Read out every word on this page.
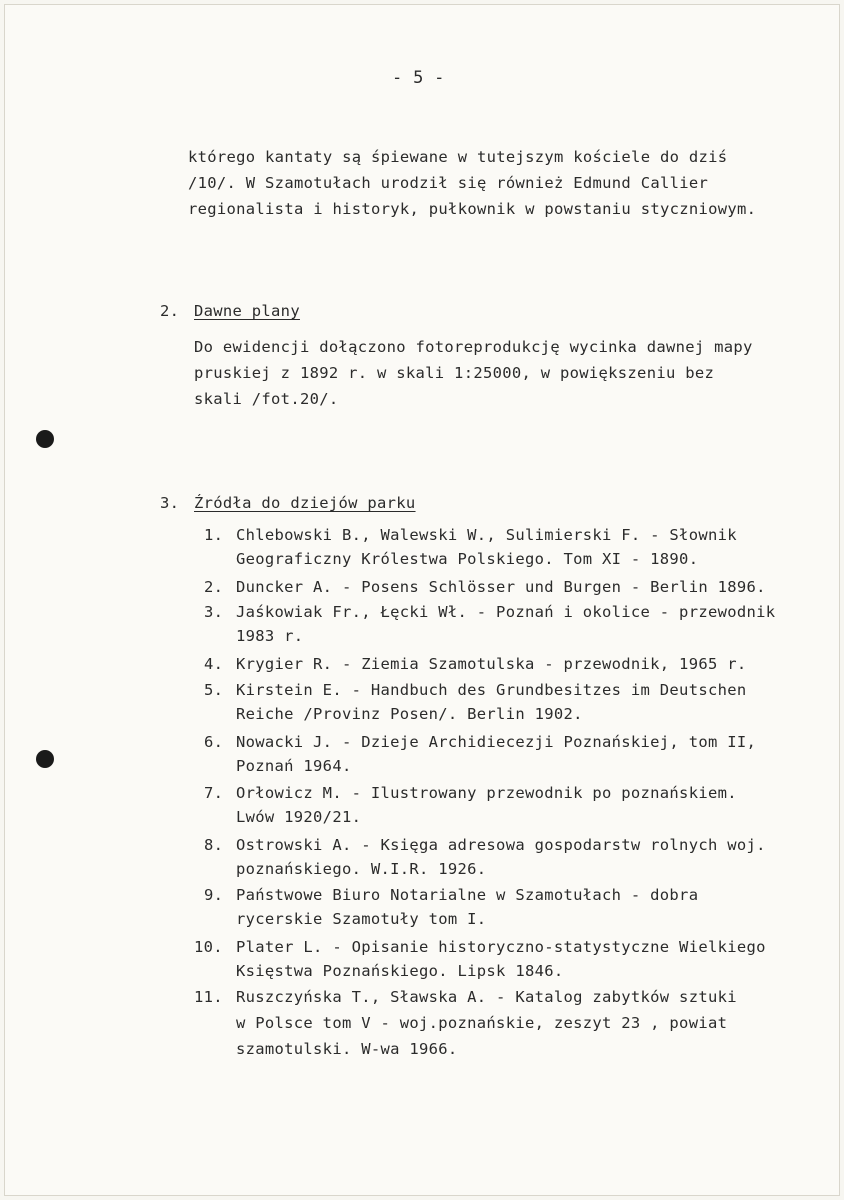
- 5 -
którego kantaty są śpiewane w tutejszym kościele do dziś
/10/. W Szamotułach urodził się również Edmund Callier
regionalista i historyk, pułkownik w powstaniu styczniowym.
2. Dawne plany
Do ewidencji dołączono fotoreprodukcję wycinka dawnej mapy
pruskiej z 1892 r. w skali 1:25000, w powiększeniu bez
skali /fot.20/.
3. Źródła do dziejów parku
1. Chlebowski B., Walewski W., Sulimierski F. - Słownik
Geograficzny Królestwa Polskiego. Tom XI - 1890.
2. Duncker A. - Posens Schlösser und Burgen - Berlin 1896.
3. Jaśkowiak Fr., Łęcki Wł. - Poznań i okolice - przewodnik
1983 r.
4. Krygier R. - Ziemia Szamotulska - przewodnik, 1965 r.
5. Kirstein E. - Handbuch des Grundbesitzes im Deutschen
Reiche /Provinz Posen/. Berlin 1902.
6. Nowacki J. - Dzieje Archidiecezji Poznańskiej, tom II,
Poznań 1964.
7. Orłowicz M. - Ilustrowany przewodnik po poznańskiem.
Lwów 1920/21.
8. Ostrowski A. - Księga adresowa gospodarstw rolnych woj.
poznańskiego. W.I.R. 1926.
9. Państwowe Biuro Notarialne w Szamotułach - dobra
rycerskie Szamotuły tom I.
10. Plater L. - Opisanie historyczno-statystyczne Wielkiego
Księstwa Poznańskiego. Lipsk 1846.
11. Ruszczyńska T., Sławska A. - Katalog zabytków sztuki
w Polsce tom V - woj.poznańskie, zeszyt 23 , powiat
szamotulski. W-wa 1966.
